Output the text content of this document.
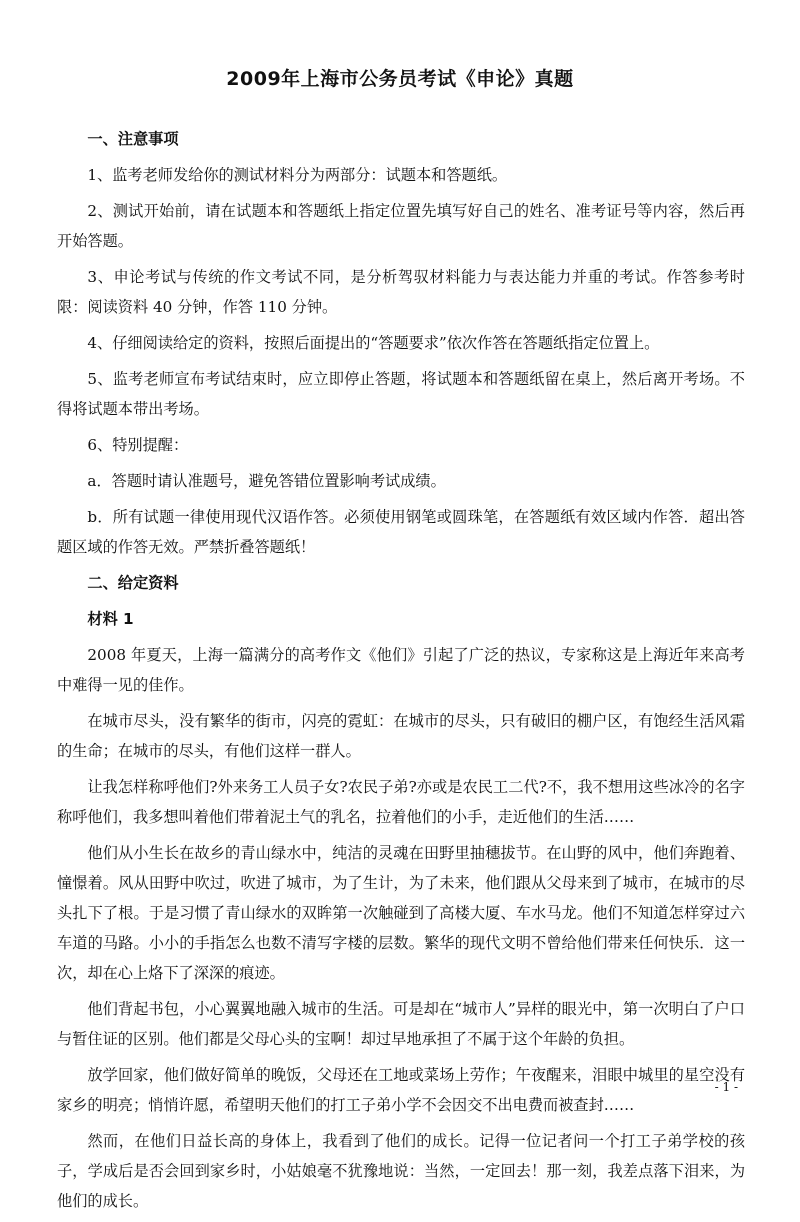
2009年上海市公务员考试《申论》真题
一、注意事项

1、监考老师发给你的测试材料分为两部分：试题本和答题纸。

2、测试开始前，请在试题本和答题纸上指定位置先填写好自己的姓名、准考证号等内容，然后再开始答题。

3、申论考试与传统的作文考试不同，是分析驾驭材料能力与表达能力并重的考试。作答参考时限：阅读资料 40 分钟，作答 110 分钟。

4、仔细阅读给定的资料，按照后面提出的“答题要求”依次作答在答题纸指定位置上。

5、监考老师宣布考试结束时，应立即停止答题，将试题本和答题纸留在桌上，然后离开考场。不得将试题本带出考场。

6、特别提醒：

a．答题时请认准题号，避免答错位置影响考试成绩。

b．所有试题一律使用现代汉语作答。必须使用钢笔或圆珠笔，在答题纸有效区域内作答．超出答题区域的作答无效。严禁折叠答题纸！

二、给定资料
材料 1

2008 年夏天，上海一篇满分的高考作文《他们》引起了广泛的热议，专家称这是上海近年来高考中难得一见的佳作。

在城市尽头，没有繁华的街市，闪亮的霓虹：在城市的尽头，只有破旧的棚户区，有饱经生活风霜的生命；在城市的尽头，有他们这样一群人。

让我怎样称呼他们?外来务工人员子女?农民子弟?亦或是农民工二代?不，我不想用这些冰冷的名字称呼他们，我多想叫着他们带着泥土气的乳名，拉着他们的小手，走近他们的生活……

他们从小生长在故乡的青山绿水中，纯洁的灵魂在田野里抽穗拔节。在山野的风中，他们奔跑着、憧憬着。风从田野中吹过，吹进了城市，为了生计，为了未来，他们跟从父母来到了城市，在城市的尽头扎下了根。于是习惯了青山绿水的双眸第一次触碰到了高楼大厦、车水马龙。他们不知道怎样穿过六车道的马路。小小的手指怎么也数不清写字楼的层数。繁华的现代文明不曾给他们带来任何快乐．这一次，却在心上烙下了深深的痕迹。

他们背起书包，小心翼翼地融入城市的生活。可是却在“城市人”异样的眼光中，第一次明白了户口与暂住证的区别。他们都是父母心头的宝啊！却过早地承担了不属于这个年龄的负担。

放学回家，他们做好简单的晚饭，父母还在工地或菜场上劳作；午夜醒来，泪眼中城里的星空没有家乡的明亮；悄悄许愿，希望明天他们的打工子弟小学不会因交不出电费而被查封……

然而，在他们日益长高的身体上，我看到了他们的成长。记得一位记者问一个打工子弟学校的孩子，学成后是否会回到家乡时，小姑娘毫不犹豫地说：当然，一定回去！那一刻，我差点落下泪来，为他们的成长。

- 1 -
